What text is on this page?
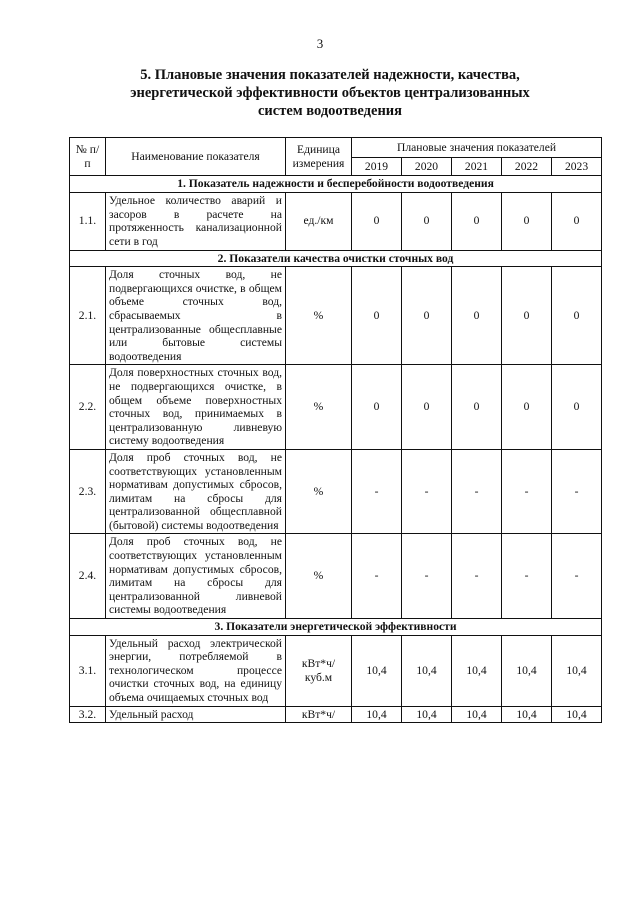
3
5. Плановые значения показателей надежности, качества,
энергетической эффективности объектов централизованных
систем водоотведения
№ п/п	Наименование показателя	Единица измерения	Плановые значения показателей				
			2019	2020	2021	2022	2023
1. Показатель надежности и бесперебойности водоотведения							
1.1.	Удельное количество аварий и засоров в расчете на протяженность канализационной сети в год	ед./км	0	0	0	0	0
2. Показатели качества очистки сточных вод							
2.1.	Доля сточных вод, не подвергающихся очистке, в общем объеме сточных вод, сбрасываемых в централизованные общесплавные или бытовые системы водоотведения	%	0	0	0	0	0
2.2.	Доля поверхностных сточных вод, не подвергающихся очистке, в общем объеме поверхностных сточных вод, принимаемых в централизованную ливневую систему водоотведения	%	0	0	0	0	0
2.3.	Доля проб сточных вод, не соответствующих установленным нормативам допустимых сбросов, лимитам на сбросы для централизованной общесплавной (бытовой) системы водоотведения	%	-	-	-	-	-
2.4.	Доля проб сточных вод, не соответствующих установленным нормативам допустимых сбросов, лимитам на сбросы для централизованной ливневой системы водоотведения	%	-	-	-	-	-
3. Показатели энергетической эффективности							
3.1.	Удельный расход электрической энергии, потребляемой в технологическом процессе очистки сточных вод, на единицу объема очищаемых сточных вод	кВт*ч/ куб.м	10,4	10,4	10,4	10,4	10,4
3.2.	Удельный расход	кВт*ч/	10,4	10,4	10,4	10,4	10,4
